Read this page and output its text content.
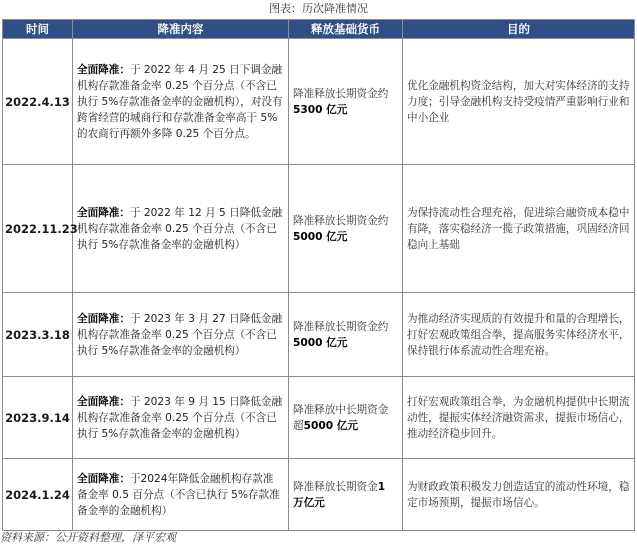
图表：历次降准情况
时间	降准内容	释放基础货币	目的
2022.4.13	全面降准：于 2022 年 4 月 25 日下调金融机构存款准备金率 0.25 个百分点（不含已执行 5%存款准备金率的金融机构），对没有跨省经营的城商行和存款准备金率高于 5%的农商行再额外多降 0.25 个百分点。	降准释放长期资金约5300 亿元	优化金融机构资金结构，加大对实体经济的支持力度；引导金融机构支持受疫情严重影响行业和中小企业
2022.11.23	全面降准：于 2022 年 12 月 5 日降低金融机构存款准备金率 0.25 个百分点（不含已执行 5%存款准备金率的金融机构）	降准释放长期资金约5000 亿元	为保持流动性合理充裕，促进综合融资成本稳中有降，落实稳经济一揽子政策措施，巩固经济回稳向上基础
2023.3.18	全面降准：于 2023 年 3 月 27 日降低金融机构存款准备金率 0.25 个百分点（不含已执行 5%存款准备金率的金融机构）	降准释放长期资金约5000 亿元	为推动经济实现质的有效提升和量的合理增长，打好宏观政策组合拳，提高服务实体经济水平，保持银行体系流动性合理充裕。
2023.9.14	全面降准：于 2023 年 9 月 15 日降低金融机构存款准备金率 0.25 个百分点（不含已执行 5%存款准备金率的金融机构）	降准释放中长期资金超5000 亿元	打好宏观政策组合拳，为金融机构提供中长期流动性，提振实体经济融资需求，提振市场信心，推动经济稳步回升。
2024.1.24	全面降准：于2024年降低金融机构存款准备金率 0.5 百分点（不含已执行 5%存款准备金率的金融机构）	降准释放长期资金1 万亿元	为财政政策积极发力创造适宜的流动性环境，稳定市场预期，提振市场信心。
资料来源：公开资料整理，泽平宏观
